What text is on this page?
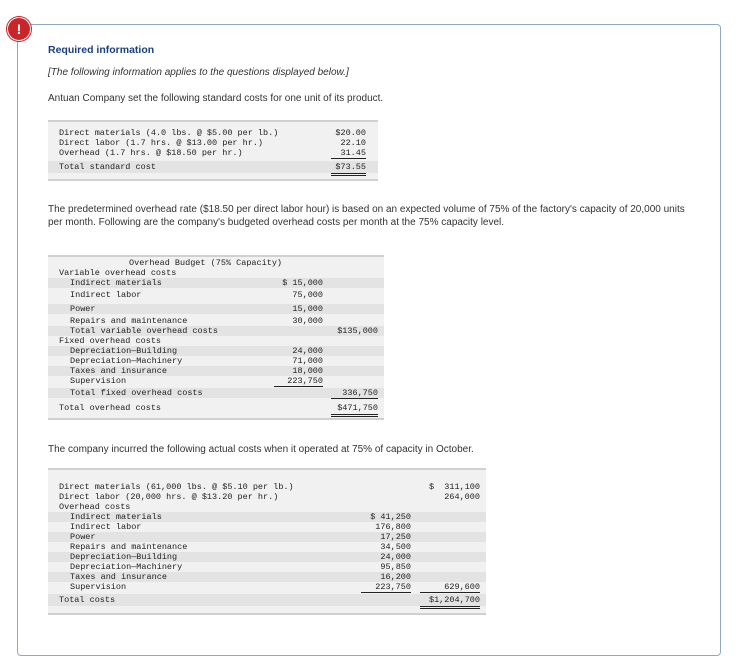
!
Required information
[The following information applies to the questions displayed below.]
Antuan Company set the following standard costs for one unit of its product.
Direct materials (4.0 lbs. @ $5.00 per lb.)	$20.00
Direct labor (1.7 hrs. @ $13.00 per hr.)	22.10
Overhead (1.7 hrs. @ $18.50 per hr.)	31.45
Total standard cost	$73.55
The predetermined overhead rate ($18.50 per direct labor hour) is based on an expected volume of 75% of the factory's capacity of 20,000 units per month. Following are the company's budgeted overhead costs per month at the 75% capacity level.
Overhead Budget (75% Capacity)
Variable overhead costs
Indirect materials	$ 15,000
Indirect labor	75,000
Power	15,000
Repairs and maintenance	30,000
Total variable overhead costs	$135,000
Fixed overhead costs
Depreciation—Building	24,000
Depreciation—Machinery	71,000
Taxes and insurance	18,000
Supervision	223,750
Total fixed overhead costs	336,750
Total overhead costs	$471,750
The company incurred the following actual costs when it operated at 75% of capacity in October.
Direct materials (61,000 lbs. @ $5.10 per lb.)	$  311,100
Direct labor (20,000 hrs. @ $13.20 per hr.)	264,000
Overhead costs
Indirect materials	$ 41,250
Indirect labor	176,800
Power	17,250
Repairs and maintenance	34,500
Depreciation—Building	24,000
Depreciation—Machinery	95,850
Taxes and insurance	16,200
Supervision	223,750	629,600
Total costs	$1,204,700
